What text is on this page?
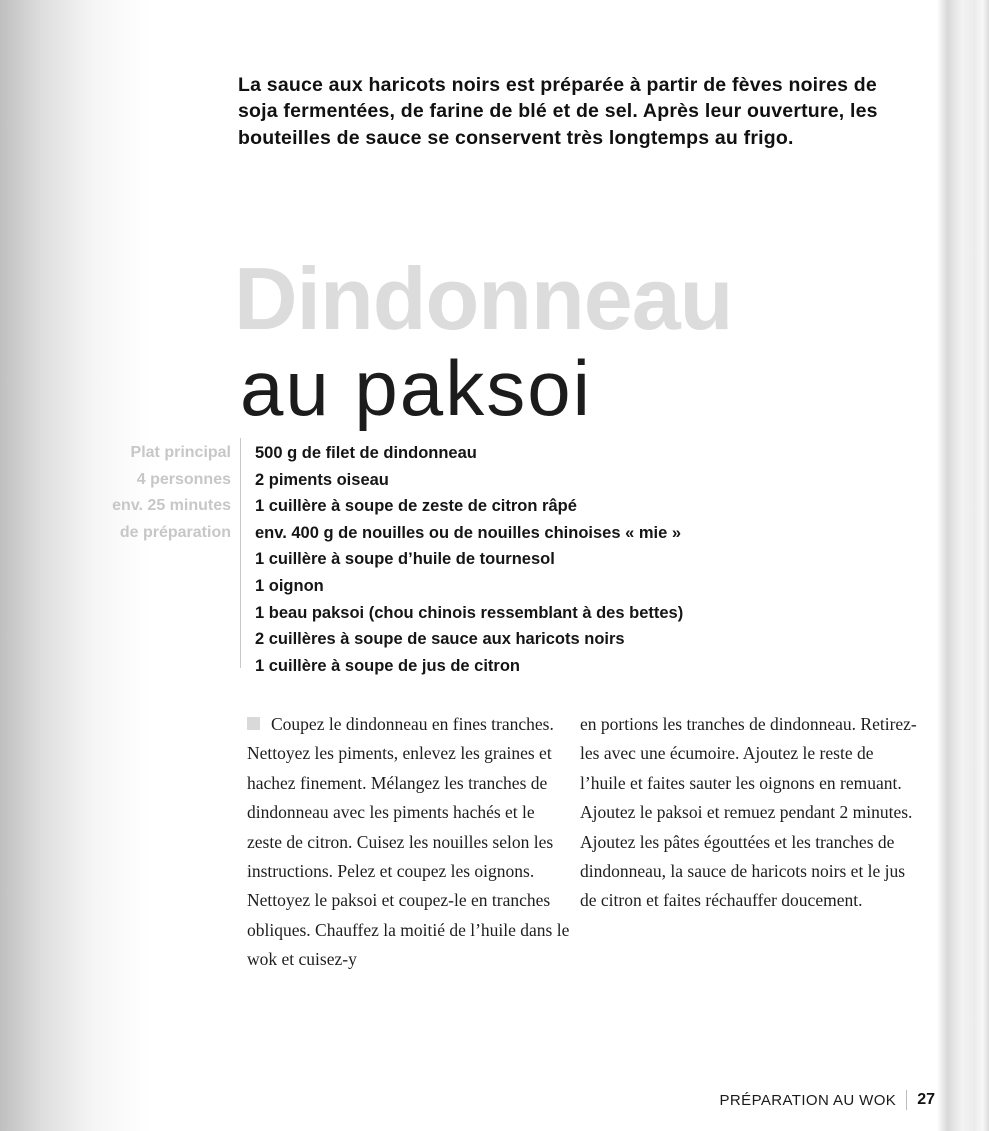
La sauce aux haricots noirs est préparée à partir de fèves noires de soja fermentées, de farine de blé et de sel. Après leur ouverture, les bouteilles de sauce se conservent très longtemps au frigo.

Dindonneau
au paksoi
Plat principal
4 personnes
env. 25 minutes
de préparation
500 g de filet de dindonneau
2 piments oiseau
1 cuillère à soupe de zeste de citron râpé
env. 400 g de nouilles ou de nouilles chinoises « mie »
1 cuillère à soupe d’huile de tournesol
1 oignon
1 beau paksoi (chou chinois ressemblant à des bettes)
2 cuillères à soupe de sauce aux haricots noirs
1 cuillère à soupe de jus de citron
Coupez le dindonneau en fines tranches. Nettoyez les piments, enlevez les graines et hachez finement. Mélangez les tranches de dindonneau avec les piments hachés et le zeste de citron. Cuisez les nouilles selon les instructions. Pelez et coupez les oignons. Nettoyez le paksoi et coupez-le en tranches obliques. Chauffez la moitié de l’huile dans le wok et cuisez-y
en portions les tranches de dindonneau. Retirez-les avec une écumoire. Ajoutez le reste de l’huile et faites sauter les oignons en remuant. Ajoutez le paksoi et remuez pendant 2 minutes. Ajoutez les pâtes égouttées et les tranches de dindonneau, la sauce de haricots noirs et le jus de citron et faites réchauffer doucement.
PRÉPARATION AU WOK 27
